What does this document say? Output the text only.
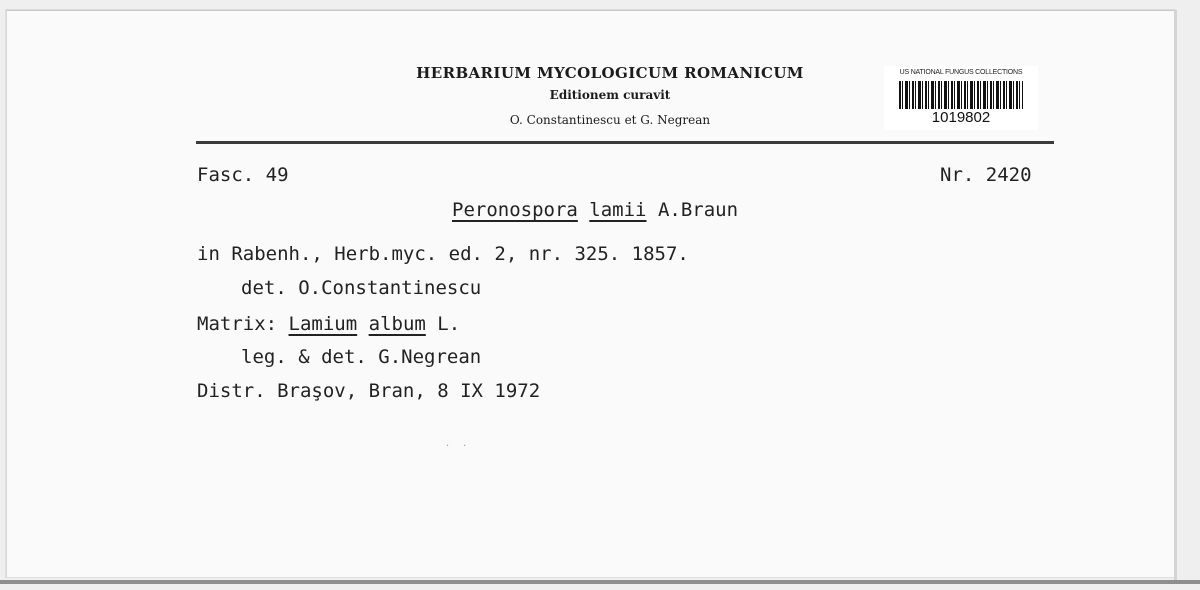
HERBARIUM MYCOLOGICUM ROMANICUM
Editionem curavit
O. Constantinescu et G. Negrean
US NATIONAL FUNGUS COLLECTIONS
1019802
Fasc. 49	Nr. 2420
Peronospora lamii A.Braun
in Rabenh., Herb.myc. ed. 2, nr. 325. 1857.
det. O.Constantinescu
Matrix: Lamium album L.
leg. & det. G.Negrean
Distr. Braşov, Bran, 8 IX 1972
·​·
